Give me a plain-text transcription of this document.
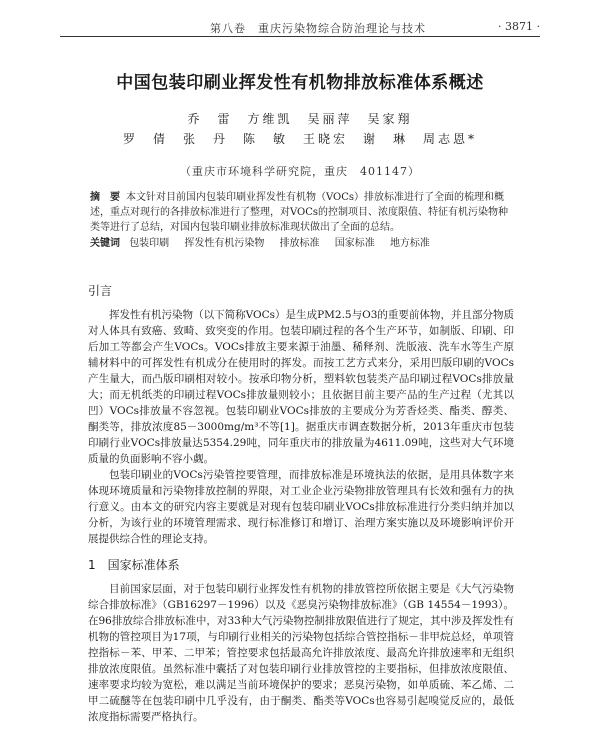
第八卷　重庆污染物综合防治理论与技术	· 3871 ·
中国包装印刷业挥发性有机物排放标准体系概述
乔　雷　方维凯　吴丽萍　吴家翔
罗　倩　张　丹　陈　敏　王晓宏　谢　琳　周志恩*
（重庆市环境科学研究院，重庆　401147）
摘　要 本文针对目前国内包装印刷业挥发性有机物（VOCs）排放标准进行了全面的梳理和概述，重点对现行的各排放标准进行了整理，对VOCs的控制项目、浓度限值、特征有机污染物种类等进行了总结，对国内包装印刷业排放标准现状做出了全面的总结。
关键词 包装印刷 挥发性有机污染物 排放标准 国家标准 地方标准
引言

挥发性有机污染物（以下简称VOCs）是生成PM2.5与O3的重要前体物，并且部分物质对人体具有致癌、致畸、致突变的作用。包装印刷过程的各个生产环节，如制版、印刷、印后加工等都会产生VOCs。VOCs排放主要来源于油墨、稀释剂、洗版液、洗车水等生产原辅材料中的可挥发性有机成分在使用时的挥发。而按工艺方式来分，采用凹版印刷的VOCs产生量大，而凸版印刷相对较小。按承印物分析，塑料软包装类产品印刷过程VOCs排放量大；而无机纸类的印刷过程VOCs排放量则较小；且依据目前主要产品的生产过程（尤其以凹）VOCs排放量不容忽视。包装印刷业VOCs排放的主要成分为芳香烃类、酯类、醇类、酮类等，排放浓度85－3000mg/m³不等[1]。据重庆市调查数据分析，2013年重庆市包装印刷行业VOCs排放量达5354.29吨，同年重庆市的排放量为4611.09吨，这些对大气环境质量的负面影响不容小觑。

包装印刷业的VOCs污染管控要管理，而排放标准是环境执法的依据，是用具体数字来体现环境质量和污染物排放控制的界限，对工业企业污染物排放管理具有长效和强有力的执行意义。由本文的研究内容主要就是对现有包装印刷业VOCs排放标准进行分类归纳并加以分析，为该行业的环境管理需求、现行标准修订和增订、治理方案实施以及环境影响评价开展提供综合性的理论支持。

1 国家标准体系

目前国家层面，对于包装印刷行业挥发性有机物的排放管控所依据主要是《大气污染物综合排放标准》（GB16297－1996）以及《恶臭污染物排放标准》（GB 14554－1993）。在96排放综合排放标准中，对33种大气污染物控制排放限值进行了规定，其中涉及挥发性有机物的管控项目为17项，与印刷行业相关的污染物包括综合管控指标－非甲烷总烃，单项管控指标－苯、甲苯、二甲苯；管控要求包括最高允许排放浓度、最高允许排放速率和无组织排放浓度限值。虽然标准中囊括了对包装印刷行业排放管控的主要指标，但排放浓度限值、速率要求均较为宽松，难以满足当前环境保护的要求；恶臭污染物，如单质硫、苯乙烯、二甲二硫醚等在包装印刷中几乎没有，由于酮类、酯类等VOCs也容易引起嗅觉反应的，最低浓度指标需要严格执行。
